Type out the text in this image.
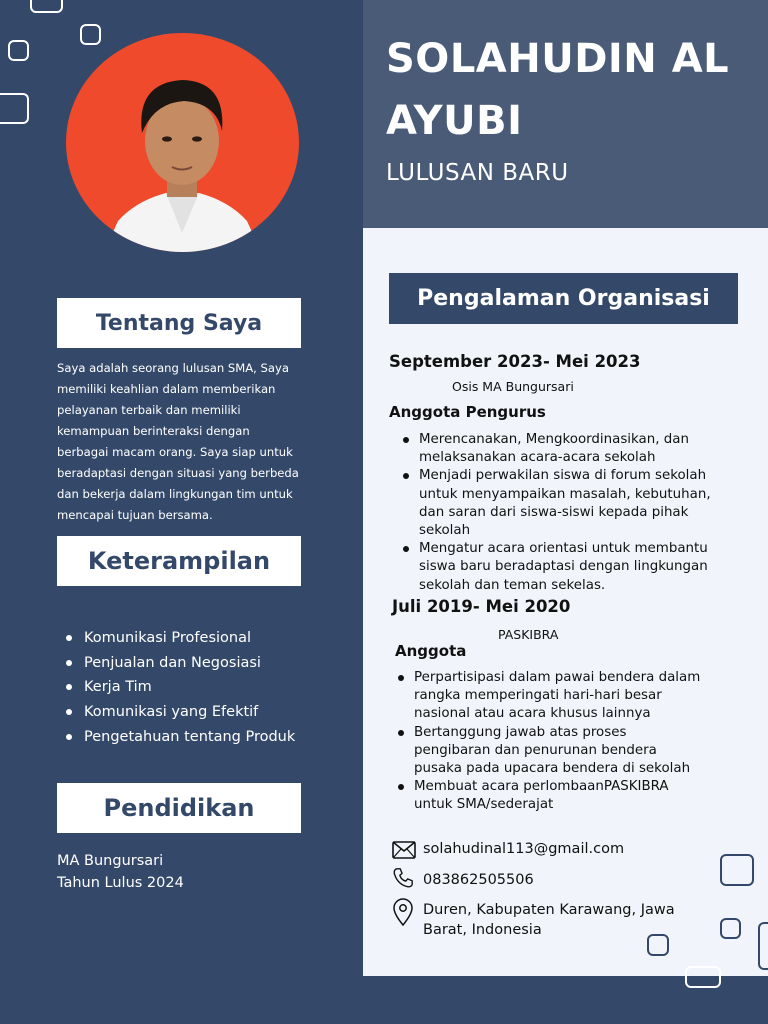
SOLAHUDIN AL
AYUBI
LULUSAN BARU
Tentang Saya
Saya adalah seorang lulusan SMA, Saya
memiliki keahlian dalam memberikan
pelayanan terbaik dan memiliki
kemampuan berinteraksi dengan
berbagai macam orang. Saya siap untuk
beradaptasi dengan situasi yang berbeda
dan bekerja dalam lingkungan tim untuk
mencapai tujuan bersama.
Keterampilan
Komunikasi Profesional
Penjualan dan Negosiasi
Kerja Tim
Komunikasi yang Efektif
Pengetahuan tentang Produk
Pendidikan
MA Bungursari
Tahun Lulus 2024
Pengalaman Organisasi
September 2023- Mei 2023
Osis MA Bungursari
Anggota Pengurus
Merencanakan, Mengkoordinasikan, dan
melaksanakan acara-acara sekolah
Menjadi perwakilan siswa di forum sekolah
untuk menyampaikan masalah, kebutuhan,
dan saran dari siswa-siswi kepada pihak
sekolah
Mengatur acara orientasi untuk membantu
siswa baru beradaptasi dengan lingkungan
sekolah dan teman sekelas.
Juli 2019- Mei 2020
PASKIBRA
Anggota
Perpartisipasi dalam pawai bendera dalam
rangka memperingati hari-hari besar
nasional atau acara khusus lainnya
Bertanggung jawab atas proses
pengibaran dan penurunan bendera
pusaka pada upacara bendera di sekolah
Membuat acara perlombaanPASKIBRA
untuk SMA/sederajat
solahudinal113@gmail.com
083862505506
Duren, Kabupaten Karawang, Jawa
Barat, Indonesia
